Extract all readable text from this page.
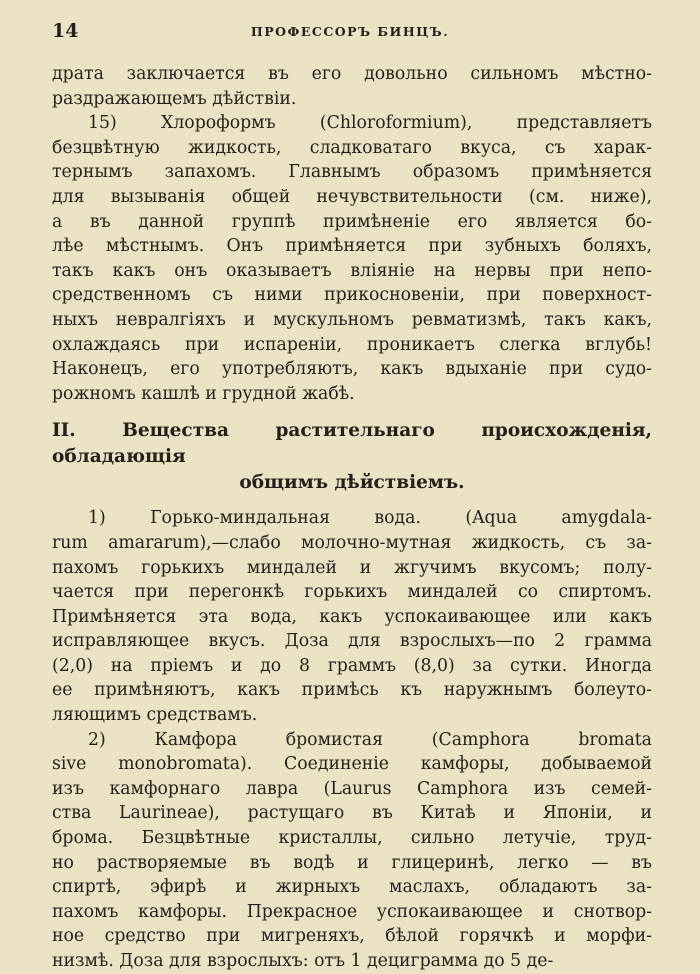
14	ПРОФЕССОРЪ БИНЦЪ.

драта заключается въ его довольно сильномъ мѣстно-

раздражающемъ дѣйствіи.

15) Хлороформъ (Chloroformium), представляетъ

безцвѣтную жидкость, сладковатаго вкуса, съ харак-

тернымъ запахомъ. Главнымъ образомъ примѣняется

для вызыванія общей нечувствительности (см. ниже),

а въ данной группѣ примѣненіе его является бо-

лѣе мѣстнымъ. Онъ примѣняется при зубныхъ боляхъ,

такъ какъ онъ оказываетъ вліяніе на нервы при непо-

средственномъ съ ними прикосновеніи, при поверхност-

ныхъ невралгіяхъ и мускульномъ ревматизмѣ, такъ какъ,

охлаждаясь при испареніи, проникаетъ слегка вглубь!

Наконецъ, его употребляютъ, какъ вдыханіе при судо-

рожномъ кашлѣ и грудной жабѣ.

II. Вещества растительнаго происхожденія, обладающія
общимъ дѣйствіемъ.

1) Горько-миндальная вода. (Aqua amygdala-

rum amararum),—слабо молочно-мутная жидкость, съ за-

пахомъ горькихъ миндалей и жгучимъ вкусомъ; полу-

чается при перегонкѣ горькихъ миндалей со спиртомъ.

Примѣняется эта вода, какъ успокаивающее или какъ

исправляющее вкусъ. Доза для взрослыхъ—по 2 грамма

(2,0) на пріемъ и до 8 граммъ (8,0) за сутки. Иногда

ее примѣняютъ, какъ примѣсь къ наружнымъ болеуто-

ляющимъ средствамъ.

2) Камфора бромистая (Camphora bromata

sive monobromata). Соединеніе камфоры, добываемой

изъ камфорнаго лавра (Laurus Camphora изъ семей-

ства Laurineae), растущаго въ Китаѣ и Японіи, и

брома. Безцвѣтные кристаллы, сильно летучіе, труд-

но растворяемые въ водѣ и глицеринѣ, легко — въ

спиртѣ, эфирѣ и жирныхъ маслахъ, обладаютъ за-

пахомъ камфоры. Прекрасное успокаивающее и снотвор-

ное средство при мигреняхъ, бѣлой горячкѣ и морфи-

низмѣ. Доза для взрослыхъ: отъ 1 дециграмма до 5 де-
